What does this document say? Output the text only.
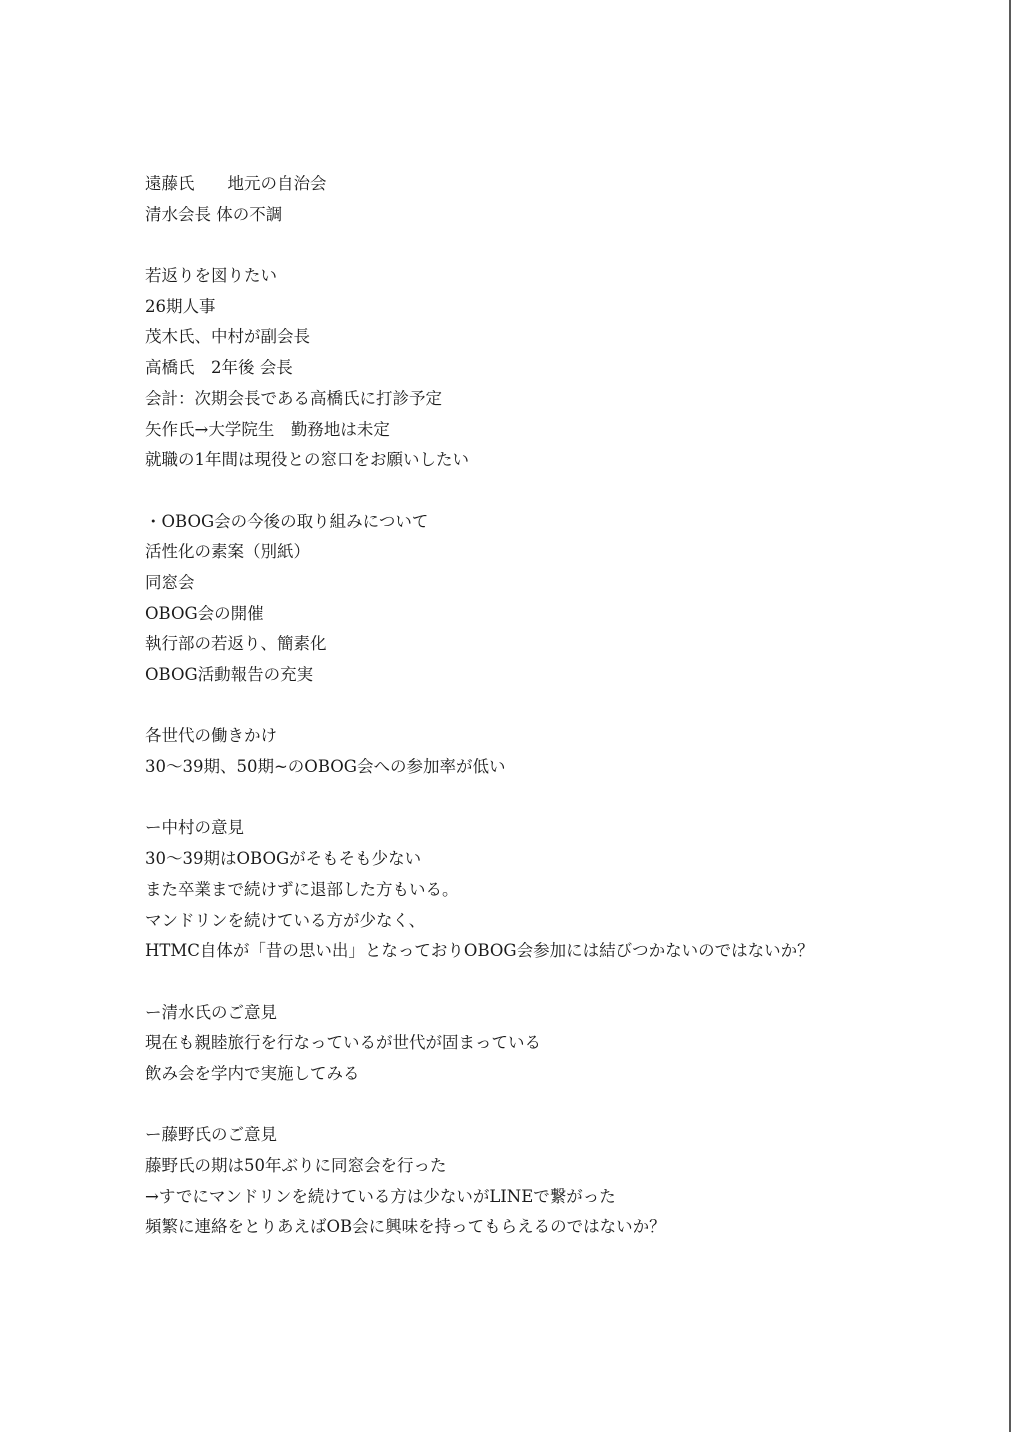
遠藤氏　　地元の自治会
清水会長 体の不調
若返りを図りたい
26期人事
茂木氏、中村が副会長
高橋氏　2年後 会長
会計：次期会長である高橋氏に打診予定
矢作氏→大学院生　勤務地は未定
就職の1年間は現役との窓口をお願いしたい
・OBOG会の今後の取り組みについて
活性化の素案（別紙）
同窓会
OBOG会の開催
執行部の若返り、簡素化
OBOG活動報告の充実
各世代の働きかけ
30〜39期、50期~のOBOG会への参加率が低い
ー中村の意見
30〜39期はOBOGがそもそも少ない
また卒業まで続けずに退部した方もいる。
マンドリンを続けている方が少なく、
HTMC自体が「昔の思い出」となっておりOBOG会参加には結びつかないのではないか？
ー清水氏のご意見
現在も親睦旅行を行なっているが世代が固まっている
飲み会を学内で実施してみる
ー藤野氏のご意見
藤野氏の期は50年ぶりに同窓会を行った
→すでにマンドリンを続けている方は少ないがLINEで繋がった
頻繁に連絡をとりあえばOB会に興味を持ってもらえるのではないか？
